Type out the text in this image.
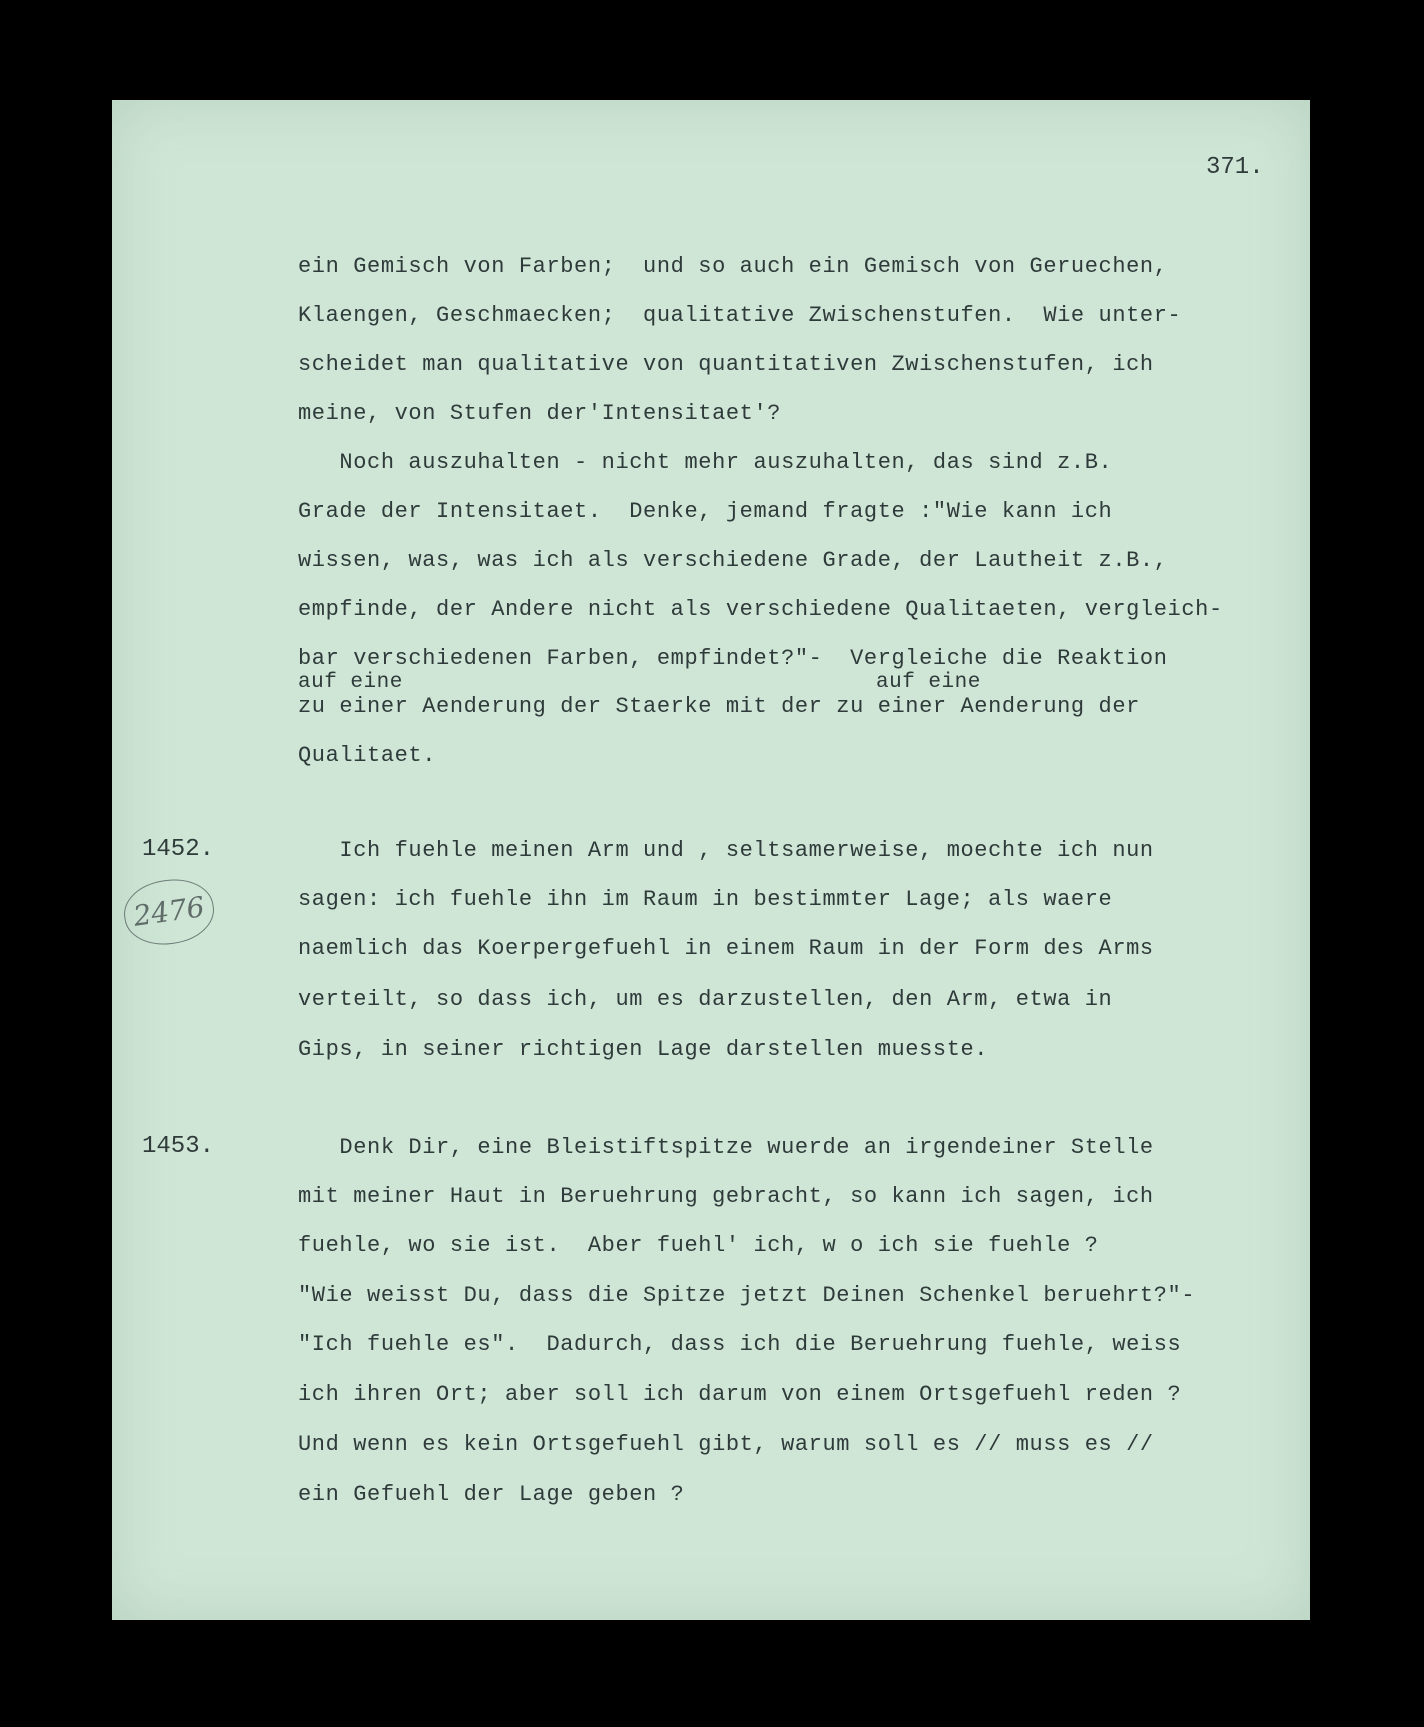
371.
ein Gemisch von Farben;  und so auch ein Gemisch von Geruechen,
Klaengen, Geschmaecken;  qualitative Zwischenstufen.  Wie unter-
scheidet man qualitative von quantitativen Zwischenstufen, ich
meine, von Stufen der'Intensitaet'?
Noch auszuhalten - nicht mehr auszuhalten, das sind z.B.
Grade der Intensitaet.  Denke, jemand fragte :"Wie kann ich
wissen, was, was ich als verschiedene Grade, der Lautheit z.B.,
empfinde, der Andere nicht als verschiedene Qualitaeten, vergleich-
bar verschiedenen Farben, empfindet?"-  Vergleiche die Reaktion
auf eine	auf eine
zu einer Aenderung der Staerke mit der zu einer Aenderung der
Qualitaet.
1452.
2476
Ich fuehle meinen Arm und , seltsamerweise, moechte ich nun
sagen: ich fuehle ihn im Raum in bestimmter Lage; als waere
naemlich das Koerpergefuehl in einem Raum in der Form des Arms
verteilt, so dass ich, um es darzustellen, den Arm, etwa in
Gips, in seiner richtigen Lage darstellen muesste.
1453.	Denk Dir, eine Bleistiftspitze wuerde an irgendeiner Stelle
mit meiner Haut in Beruehrung gebracht, so kann ich sagen, ich
fuehle, wo sie ist.  Aber fuehl' ich, w o ich sie fuehle ?
"Wie weisst Du, dass die Spitze jetzt Deinen Schenkel beruehrt?"-
"Ich fuehle es".  Dadurch, dass ich die Beruehrung fuehle, weiss
ich ihren Ort; aber soll ich darum von einem Ortsgefuehl reden ?
Und wenn es kein Ortsgefuehl gibt, warum soll es // muss es //
ein Gefuehl der Lage geben ?
